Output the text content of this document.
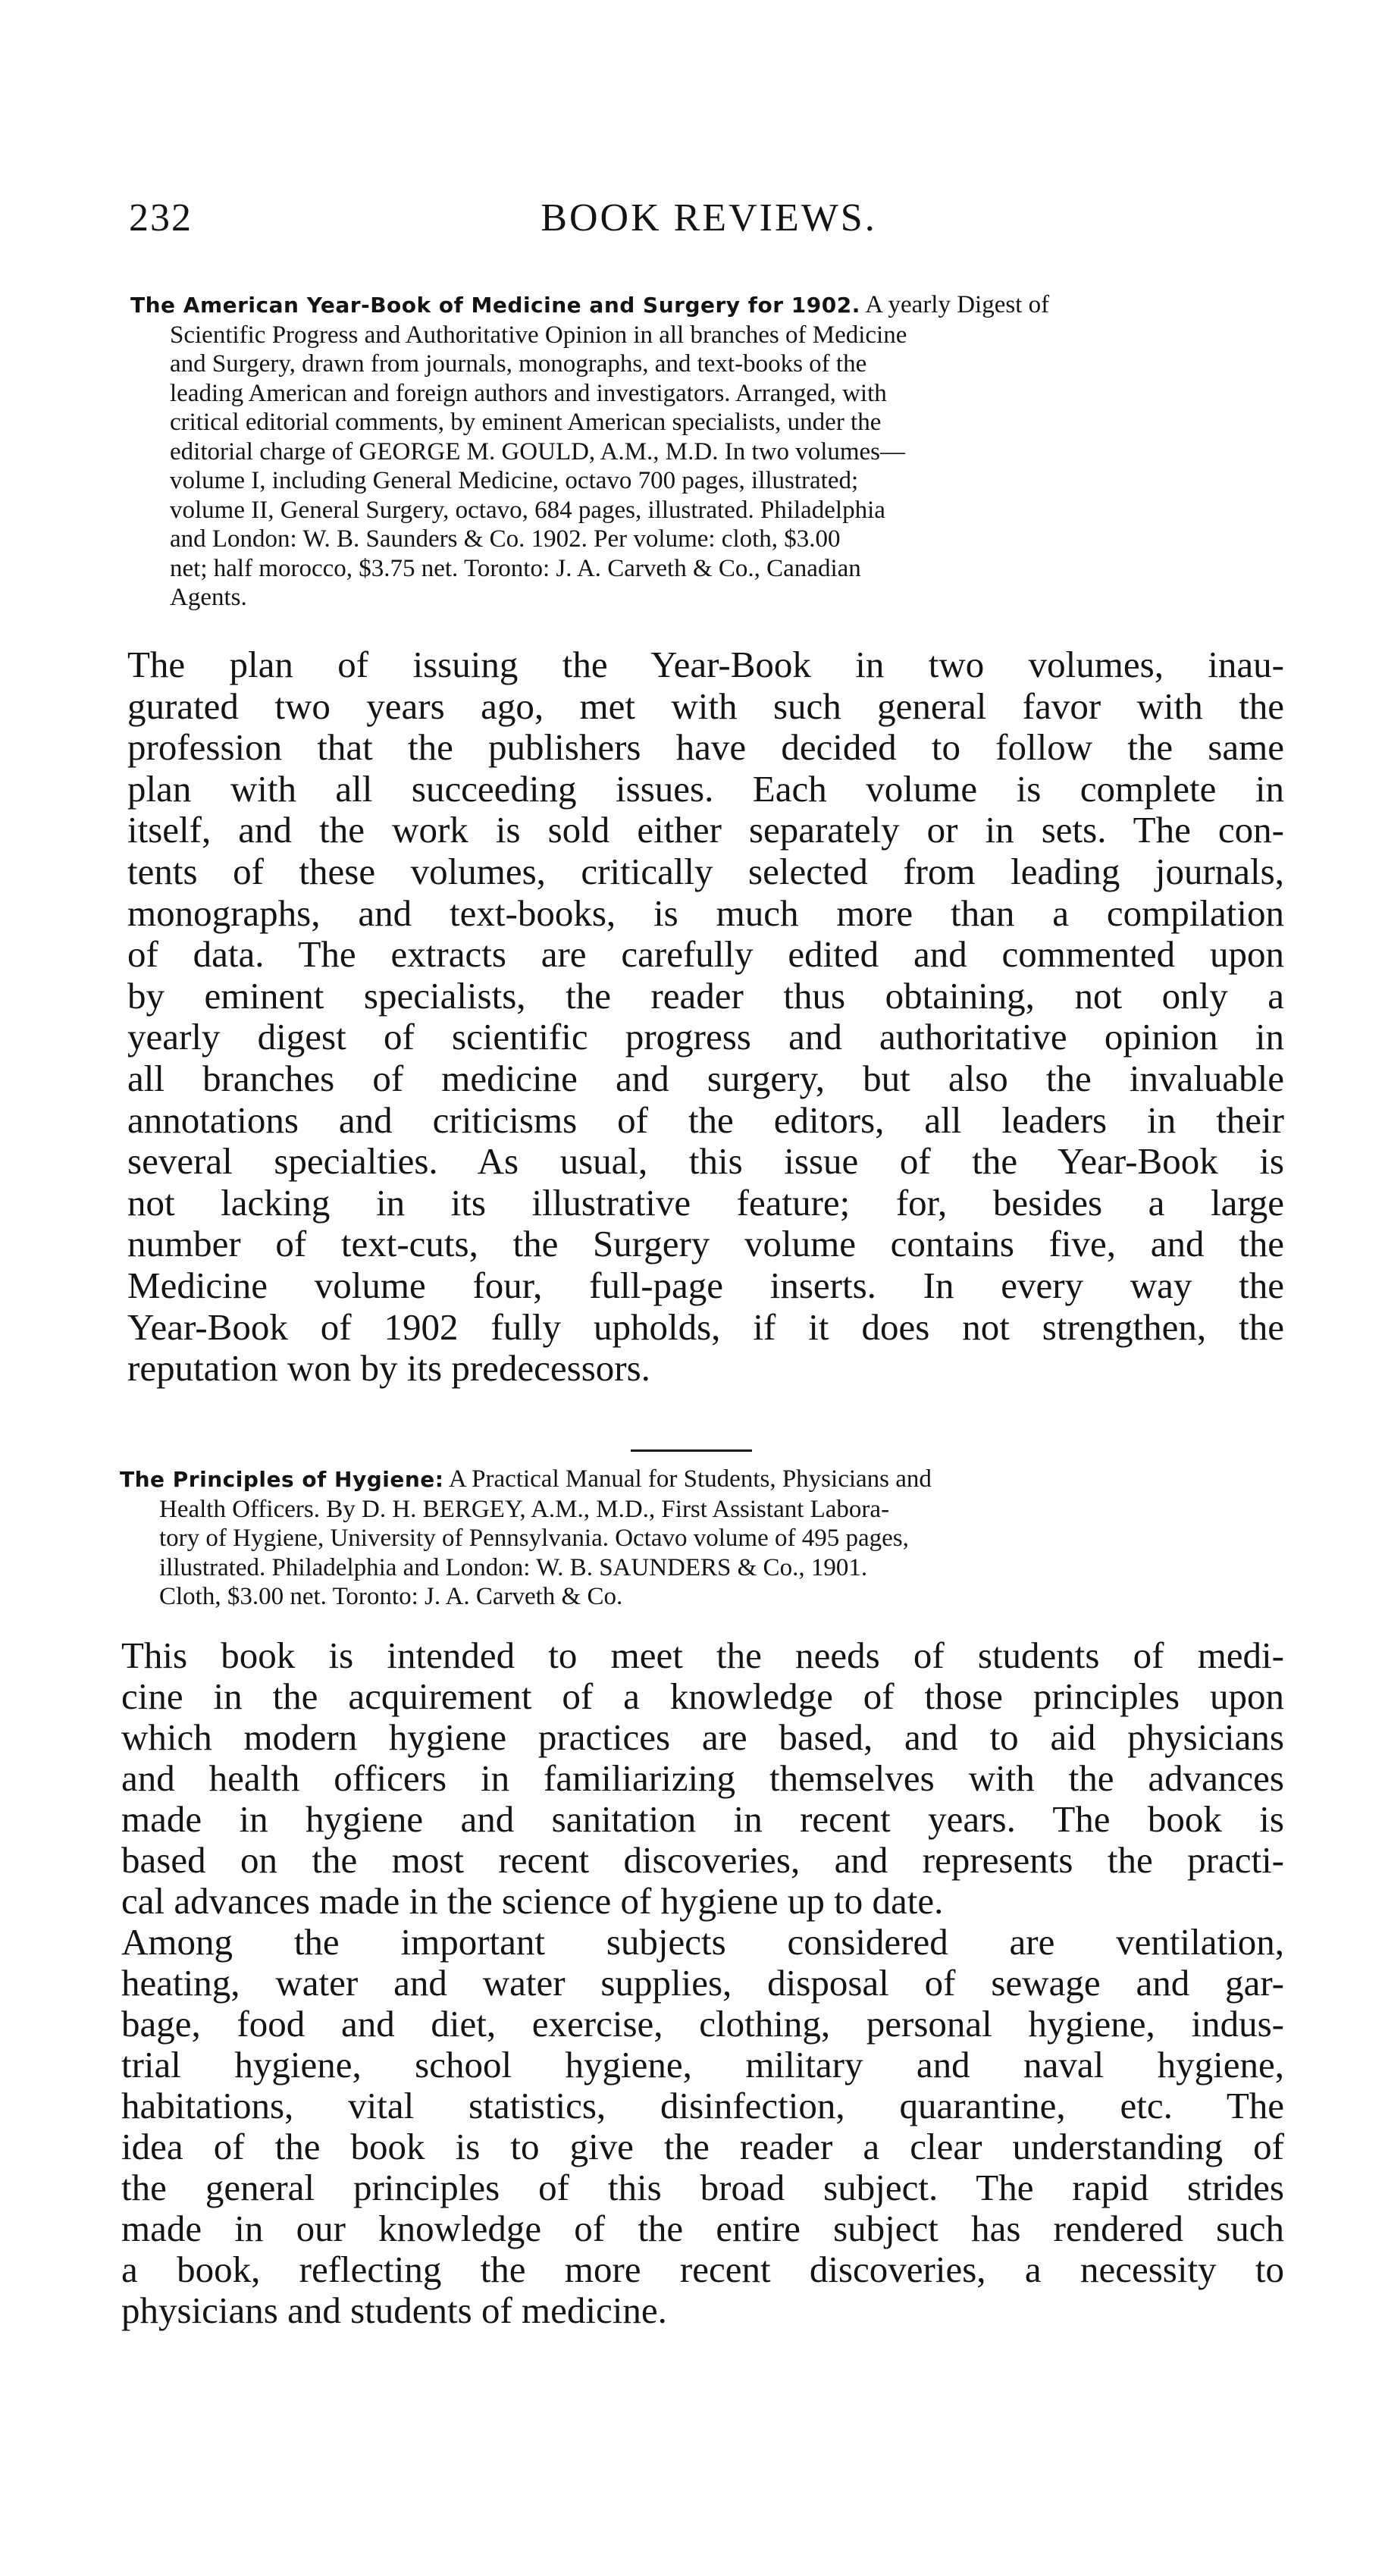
232	BOOK REVIEWS.
The American Year-Book of Medicine and Surgery for 1902. A yearly Digest of
Scientific Progress and Authoritative Opinion in all branches of Medicine
and Surgery, drawn from journals, monographs, and text-books of the
leading American and foreign authors and investigators. Arranged, with
critical editorial comments, by eminent American specialists, under the
editorial charge of GEORGE M. GOULD, A.M., M.D. In two volumes—
volume I, including General Medicine, octavo 700 pages, illustrated;
volume II, General Surgery, octavo, 684 pages, illustrated. Philadelphia
and London: W. B. Saunders & Co. 1902. Per volume: cloth, $3.00
net; half morocco, $3.75 net. Toronto: J. A. Carveth & Co., Canadian
Agents.
The plan of issuing the Year-Book in two volumes, inau-
gurated two years ago, met with such general favor with the
profession that the publishers have decided to follow the same
plan with all succeeding issues. Each volume is complete in
itself, and the work is sold either separately or in sets. The con-
tents of these volumes, critically selected from leading journals,
monographs, and text-books, is much more than a compilation
of data. The extracts are carefully edited and commented upon
by eminent specialists, the reader thus obtaining, not only a
yearly digest of scientific progress and authoritative opinion in
all branches of medicine and surgery, but also the invaluable
annotations and criticisms of the editors, all leaders in their
several specialties. As usual, this issue of the Year-Book is
not lacking in its illustrative feature; for, besides a large
number of text-cuts, the Surgery volume contains five, and the
Medicine volume four, full-page inserts. In every way the
Year-Book of 1902 fully upholds, if it does not strengthen, the
reputation won by its predecessors.
The Principles of Hygiene: A Practical Manual for Students, Physicians and
Health Officers. By D. H. BERGEY, A.M., M.D., First Assistant Labora-
tory of Hygiene, University of Pennsylvania. Octavo volume of 495 pages,
illustrated. Philadelphia and London: W. B. SAUNDERS & Co., 1901.
Cloth, $3.00 net. Toronto: J. A. Carveth & Co.
This book is intended to meet the needs of students of medi-
cine in the acquirement of a knowledge of those principles upon
which modern hygiene practices are based, and to aid physicians
and health officers in familiarizing themselves with the advances
made in hygiene and sanitation in recent years. The book is
based on the most recent discoveries, and represents the practi-
cal advances made in the science of hygiene up to date.
Among the important subjects considered are ventilation,
heating, water and water supplies, disposal of sewage and gar-
bage, food and diet, exercise, clothing, personal hygiene, indus-
trial hygiene, school hygiene, military and naval hygiene,
habitations, vital statistics, disinfection, quarantine, etc. The
idea of the book is to give the reader a clear understanding of
the general principles of this broad subject. The rapid strides
made in our knowledge of the entire subject has rendered such
a book, reflecting the more recent discoveries, a necessity to
physicians and students of medicine.
